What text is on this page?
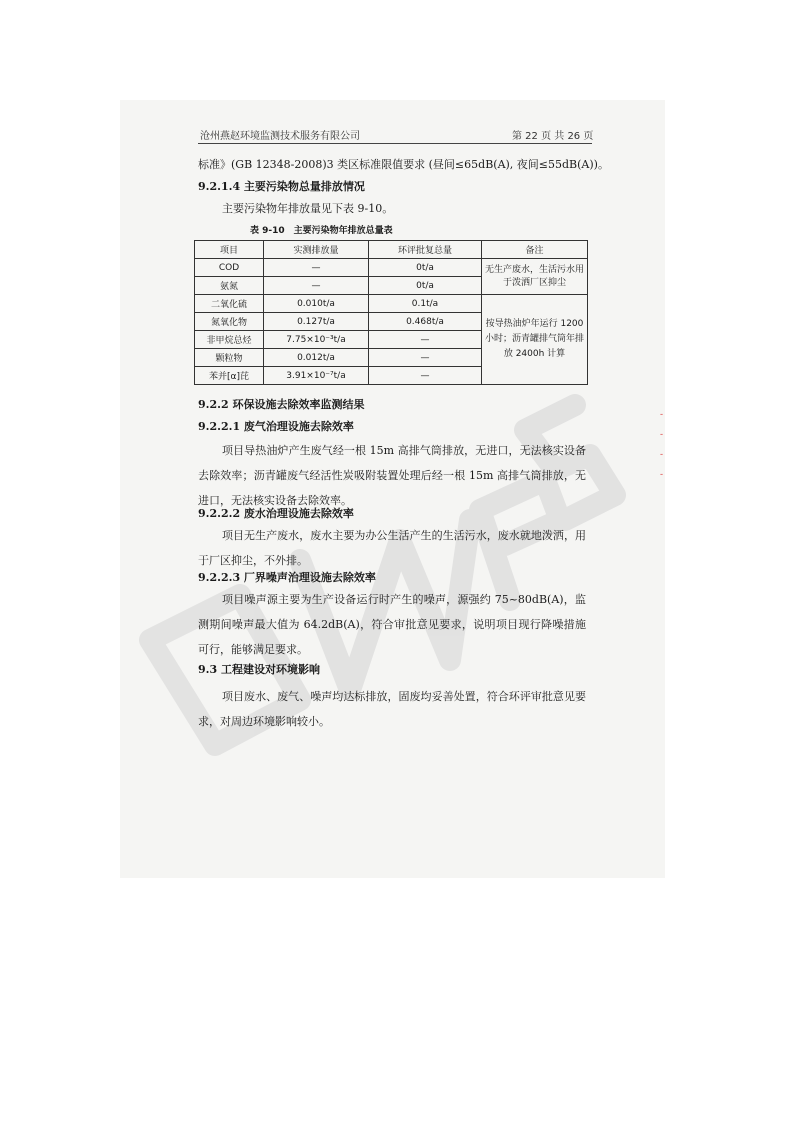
沧州燕赵环境监测技术服务有限公司	第 22 页 共 26 页
标准》(GB 12348-2008)3 类区标准限值要求 (昼间≤65dB(A), 夜间≤55dB(A))。
9.2.1.4 主要污染物总量排放情况
主要污染物年排放量见下表 9-10。
表 9-10　主要污染物年排放总量表
项目	实测排放量	环评批复总量	备注
COD	—	0t/a	无生产废水，生活污水用于泼洒厂区抑尘
氨氮	—	0t/a	
二氧化硫	0.010t/a	0.1t/a	按导热油炉年运行 1200 小时；沥青罐排气筒年排放 2400h 计算
氮氧化物	0.127t/a	0.468t/a	
非甲烷总烃	7.75×10⁻³t/a	—	
颗粒物	0.012t/a	—	
苯并[α]芘	3.91×10⁻⁷t/a	—	
9.2.2 环保设施去除效率监测结果
9.2.2.1 废气治理设施去除效率
项目导热油炉产生废气经一根 15m 高排气筒排放，无进口，无法核实设备去除效率；沥青罐废气经活性炭吸附装置处理后经一根 15m 高排气筒排放，无进口，无法核实设备去除效率。
9.2.2.2 废水治理设施去除效率
项目无生产废水，废水主要为办公生活产生的生活污水，废水就地泼洒，用于厂区抑尘，不外排。
9.2.2.3 厂界噪声治理设施去除效率
项目噪声源主要为生产设备运行时产生的噪声，源强约 75~80dB(A)，监测期间噪声最大值为 64.2dB(A)，符合审批意见要求，说明项目现行降噪措施可行，能够满足要求。
9.3 工程建设对环境影响
项目废水、废气、噪声均达标排放，固废均妥善处置，符合环评审批意见要求，对周边环境影响较小。
‐
‐
‐
‐
